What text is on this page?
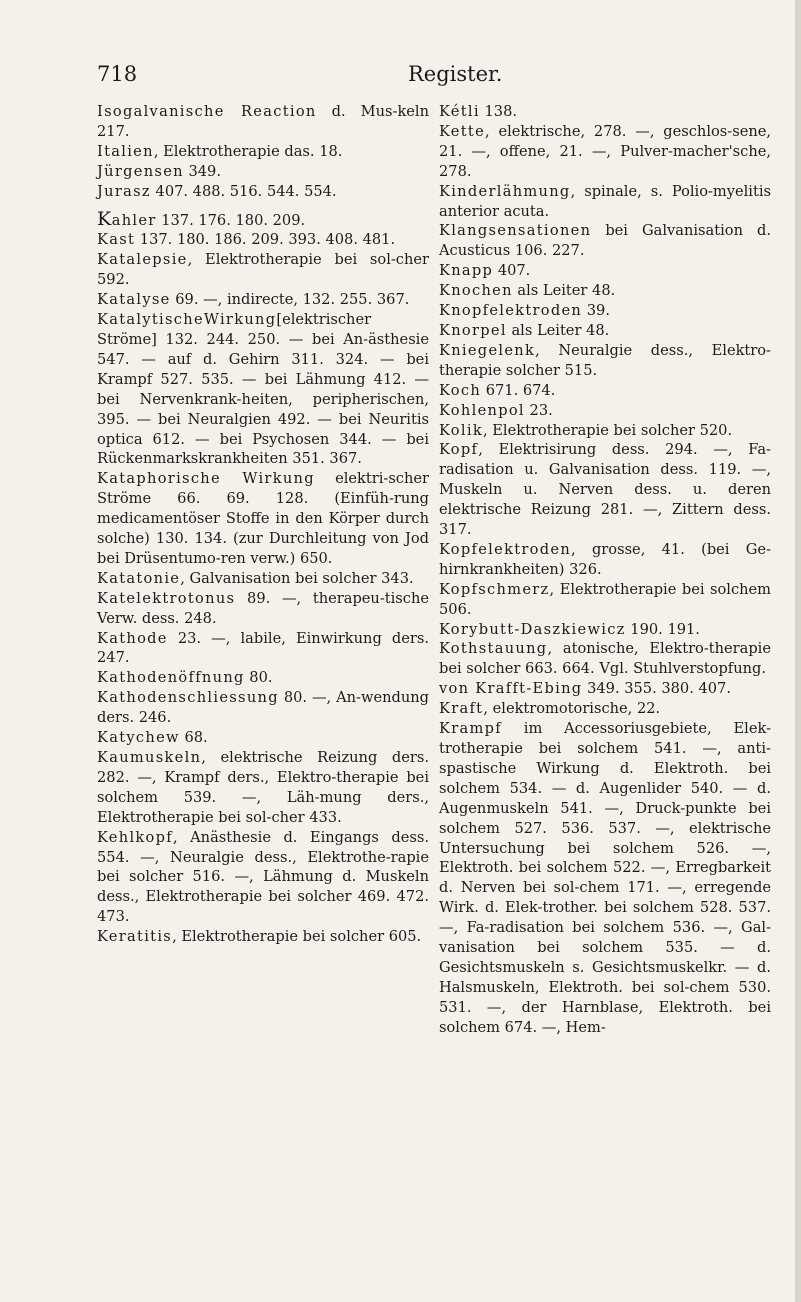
718	Register.
Isogalvanische Reaction d. Mus-keln 217.
Italien, Elektrotherapie das. 18.
Jürgensen 349.
Jurasz 407. 488. 516. 544. 554.
Kahler 137. 176. 180. 209.
Kast 137. 180. 186. 209. 393. 408. 481.
Katalepsie, Elektrotherapie bei sol-cher 592.
Katalyse 69. —, indirecte, 132. 255. 367.
KatalytischeWirkung[elektrischer Ströme] 132. 244. 250. — bei An-ästhesie 547. — auf d. Gehirn 311. 324. — bei Krampf 527. 535. — bei Lähmung 412. — bei Nervenkrank-heiten, peripherischen, 395. — bei Neuralgien 492. — bei Neuritis optica 612. — bei Psychosen 344. — bei Rückenmarkskrankheiten 351. 367.
Kataphorische Wirkung elektri-scher Ströme 66. 69. 128. (Einfüh-rung medicamentöser Stoffe in den Körper durch solche) 130. 134. (zur Durchleitung von Jod bei Drüsentumo-ren verw.) 650.
Katatonie, Galvanisation bei solcher 343.
Katelektrotonus 89. —, therapeu-tische Verw. dess. 248.
Kathode 23. —, labile, Einwirkung ders. 247.
Kathodenöffnung 80.
Kathodenschliessung 80. —, An-wendung ders. 246.
Katychew 68.
Kaumuskeln, elektrische Reizung ders. 282. —, Krampf ders., Elektro-therapie bei solchem 539. —, Läh-mung ders., Elektrotherapie bei sol-cher 433.
Kehlkopf, Anästhesie d. Eingangs dess. 554. —, Neuralgie dess., Elektrothe-rapie bei solcher 516. —, Lähmung d. Muskeln dess., Elektrotherapie bei solcher 469. 472. 473.
Keratitis, Elektrotherapie bei solcher 605.
Kétli 138.
Kette, elektrische, 278. —, geschlos-sene, 21. —, offene, 21. —, Pulver-macher'sche, 278.
Kinderlähmung, spinale, s. Polio-myelitis anterior acuta.
Klangsensationen bei Galvanisation d. Acusticus 106. 227.
Knapp 407.
Knochen als Leiter 48.
Knopfelektroden 39.
Knorpel als Leiter 48.
Kniegelenk, Neuralgie dess., Elektro-therapie solcher 515.
Koch 671. 674.
Kohlenpol 23.
Kolik, Elektrotherapie bei solcher 520.
Kopf, Elektrisirung dess. 294. —, Fa-radisation u. Galvanisation dess. 119. —, Muskeln u. Nerven dess. u. deren elektrische Reizung 281. —, Zittern dess. 317.
Kopfelektroden, grosse, 41. (bei Ge-hirnkrankheiten) 326.
Kopfschmerz, Elektrotherapie bei solchem 506.
Korybutt-Daszkiewicz 190. 191.
Kothstauung, atonische, Elektro-therapie bei solcher 663. 664. Vgl. Stuhlverstopfung.
von Krafft-Ebing 349. 355. 380. 407.
Kraft, elektromotorische, 22.
Krampf im Accessoriusgebiete, Elek-trotherapie bei solchem 541. —, anti-spastische Wirkung d. Elektroth. bei solchem 534. — d. Augenlider 540. — d. Augenmuskeln 541. —, Druck-punkte bei solchem 527. 536. 537. —, elektrische Untersuchung bei solchem 526. —, Elektroth. bei solchem 522. —, Erregbarkeit d. Nerven bei sol-chem 171. —, erregende Wirk. d. Elek-trother. bei solchem 528. 537. —, Fa-radisation bei solchem 536. —, Gal-vanisation bei solchem 535. — d. Gesichtsmuskeln s. Gesichtsmuskelkr. — d. Halsmuskeln, Elektroth. bei sol-chem 530. 531. —, der Harnblase, Elektroth. bei solchem 674. —, Hem-
